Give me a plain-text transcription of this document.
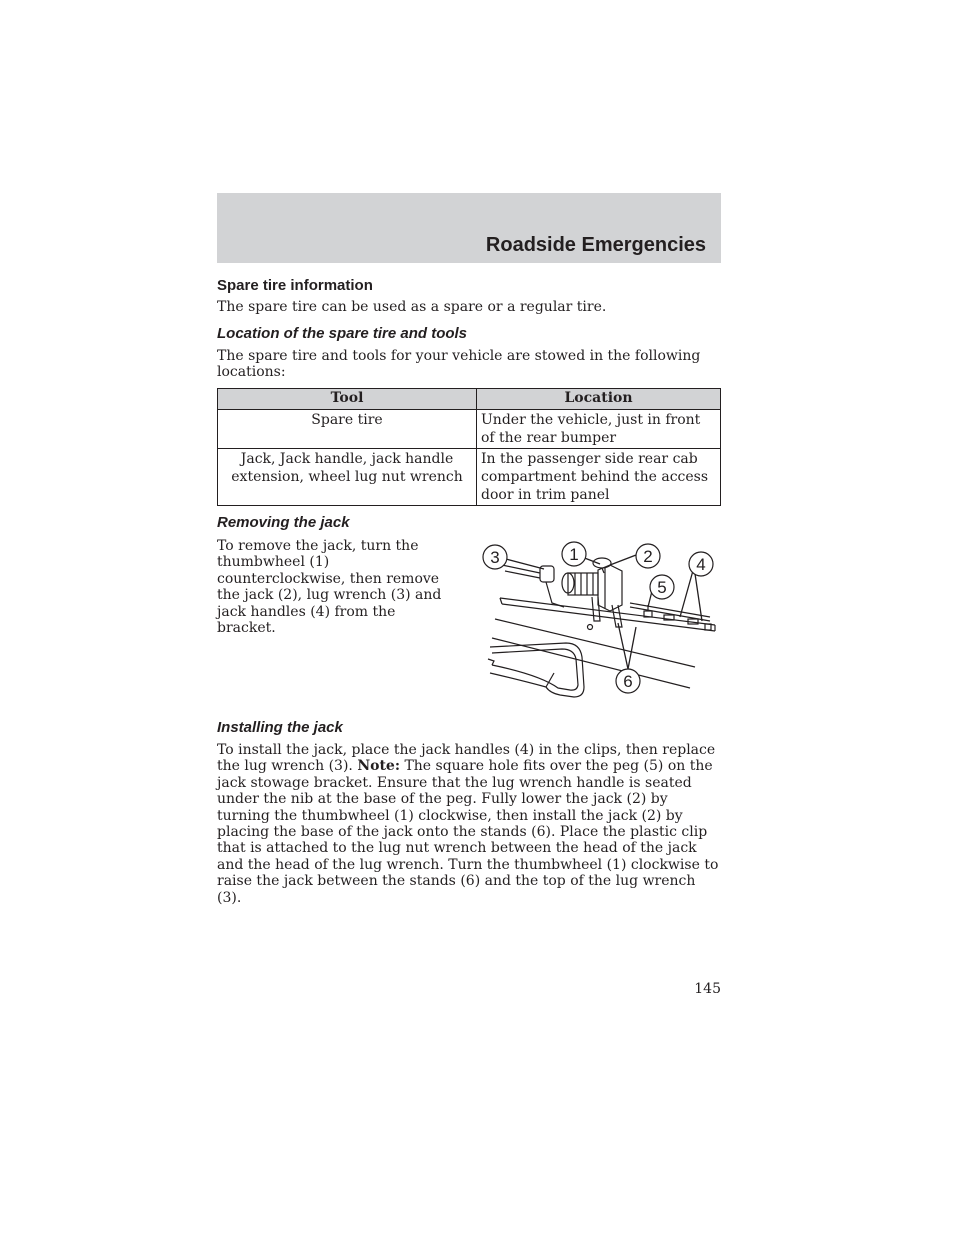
Roadside Emergencies
Spare tire information
The spare tire can be used as a spare or a regular tire.
Location of the spare tire and tools
The spare tire and tools for your vehicle are stowed in the following locations:
Tool	Location
Spare tire	Under the vehicle, just in front of the rear bumper
Jack, Jack handle, jack handle extension, wheel lug nut wrench	In the passenger side rear cab compartment behind the access door in trim panel
Removing the jack
To remove the jack, turn the thumbwheel (1) counterclockwise, then remove the jack (2), lug wrench (3) and jack handles (4) from the bracket.
1	2
3	4
5
6
Installing the jack
To install the jack, place the jack handles (4) in the clips, then replace the lug wrench (3). Note: The square hole fits over the peg (5) on the jack stowage bracket. Ensure that the lug wrench handle is seated under the nib at the base of the peg. Fully lower the jack (2) by turning the thumbwheel (1) clockwise, then install the jack (2) by placing the base of the jack onto the stands (6). Place the plastic clip that is attached to the lug nut wrench between the head of the jack and the head of the lug wrench. Turn the thumbwheel (1) clockwise to raise the jack between the stands (6) and the top of the lug wrench (3).
145
